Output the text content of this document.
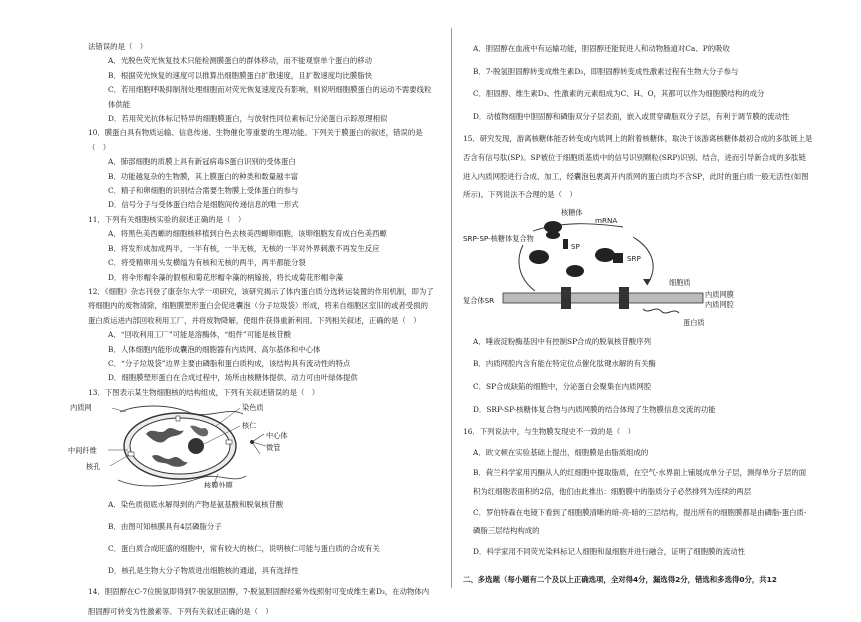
法错误的是（　）
A．光脱色荧光恢复技术只能检测膜蛋白的群体移动，而不能观察单个蛋白的移动
B．根据荧光恢复的速度可以推算出细胞膜蛋白扩散速度，且扩散速度均比膜脂快
C．若用细胞呼吸抑制剂处理细胞而对荧光恢复速度没有影响，则说明细胞膜蛋白的运动不需要线粒体供能
D．若用荧光抗体标记特异的细胞膜蛋白，与放射性同位素标记分泌蛋白示踪原理相似
10．膜蛋白具有物质运输、信息传递、生物催化等重要的生理功能。下列关于膜蛋白的叙述，错误的是（　）
A．肺部细胞的质膜上具有新冠病毒S蛋白识别的受体蛋白
B．功能越复杂的生物膜，其上膜蛋白的种类和数量越丰富
C．精子和卵细胞的识别结合需要生物膜上受体蛋白的参与
D．信号分子与受体蛋白结合是细胞间传递信息的唯一形式
11．下列有关细胞核实验的叙述正确的是（　）
A．将黑色美西螈的细胞核移植到白色去核美西螈卵细胞，该卵细胞发育成白色美西螈
B．将发形成加成两半，一半有核，一半无核，无核的一半对外界刺激不再发生反应
C．将受精卵用头发横缢为有核和无核的两半，两半都能分裂
D．将伞形帽伞藻的假根和菊花形帽伞藻的柄嫁接，将长成菊花形帽伞藻
12．《细胞》杂志刊登了康奈尔大学一项研究，该研究揭示了体内蛋白质分选转运装置的作用机制，即为了将细胞内的废物清除，细胞膜塑形蛋白会促进囊泡（分子垃圾袋）形成，将来自细胞区室旧的或者受损的蛋白质运进内部回收利用工厂，并将废物降解，使组件获得重新利用。下列相关叙述，正确的是（　）
A．“回收利用工厂”可能是溶酶体，“组件”可能是核苷酸
B．人体细胞内能形成囊泡的细胞器有内质网、高尔基体和中心体
C．“分子垃圾袋”边界主要由磷脂和蛋白质构成，该结构具有流动性的特点
D．细胞膜塑形蛋白在合成过程中，场所由核糖体提供、动力可由叶绿体提供
13．下图表示某生物细胞核的结构组成，下列有关叙述错误的是（　）
内质网	染色质
核仁
中心体
微管
中间纤维
核孔
核膜外膜
A．染色质彻底水解得到的产物是氨基酸和脱氧核苷酸
B．由图可知核膜具有4层磷脂分子
C．蛋白质合成旺盛的细胞中，常有较大的核仁，说明核仁可能与蛋白质的合成有关
D．核孔是生物大分子物质进出细胞核的通道，具有选择性
14．胆固醇在C-7位脱氢即得到7-脱氢胆固醇，7-脱氢胆固醇经紫外线照射可变成维生素D₃，在动物体内胆固醇可转变为性激素等。下列有关叙述正确的是（　）
A．胆固醇在血液中有运输功能，胆固醇还能促进人和动物肠道对Ca、P的吸收
B．7-脱氢胆固醇转变成维生素D₃，即胆固醇转变成性激素过程有生物大分子参与
C．胆固醇、维生素D₃、性激素的元素组成为C、H、O，其都可以作为细胞膜结构的成分
D．动植物细胞中胆固醇和磷脂双分子层表面，嵌入或贯穿磷脂双分子层，有利于调节膜的流动性
15．研究发现，游离核糖体能否转变成内质网上的附着核糖体，取决于该游离核糖体最初合成的多肽链上是否含有信号肽(SP)。SP被位于细胞质基质中的信号识别颗粒(SRP)识别、结合，进而引导新合成的多肽链进入内质网腔进行合成、加工，经囊泡包裹离开内质网的蛋白质均不含SP，此时的蛋白质一般无活性(如图所示)。下列说法不合理的是（　）
核糖体
mRNA
SRP-SP-核糖体复合物
SP
SRP
细胞质
内质网膜
内质网腔
复合体SR
蛋白质
A．唾液淀粉酶基因中有控制SP合成的脱氧核苷酸序列
B．内质网腔内含有能在特定位点催化肽键水解的有关酶
C．SP合成缺陷的细胞中，分泌蛋白会聚集在内质网腔
D．SRP-SP-核糖体复合物与内质网膜的结合体现了生物膜信息交流的功能
16．下列说法中，与生物膜发现史不一致的是（　）
A．欧文顿在实验基础上提出，细胞膜是由脂质组成的
B．荷兰科学家用丙酮从人的红细胞中提取脂质，在空气-水界面上铺展成单分子层，测得单分子层的面积为红细胞表面积的2倍，他们由此推出：细胞膜中的脂质分子必然排列为连续的两层
C．罗伯特森在电镜下看到了细胞膜清晰的暗-亮-暗的三层结构，提出所有的细胞膜都是由磷脂-蛋白质-磷脂三层结构构成的
D．科学家用不同荧光染料标记人细胞和鼠细胞并进行融合，证明了细胞膜的流动性
二、多选题（每小题有二个及以上正确选项，全对得4分，漏选得2分，错选和多选得0分，共12
